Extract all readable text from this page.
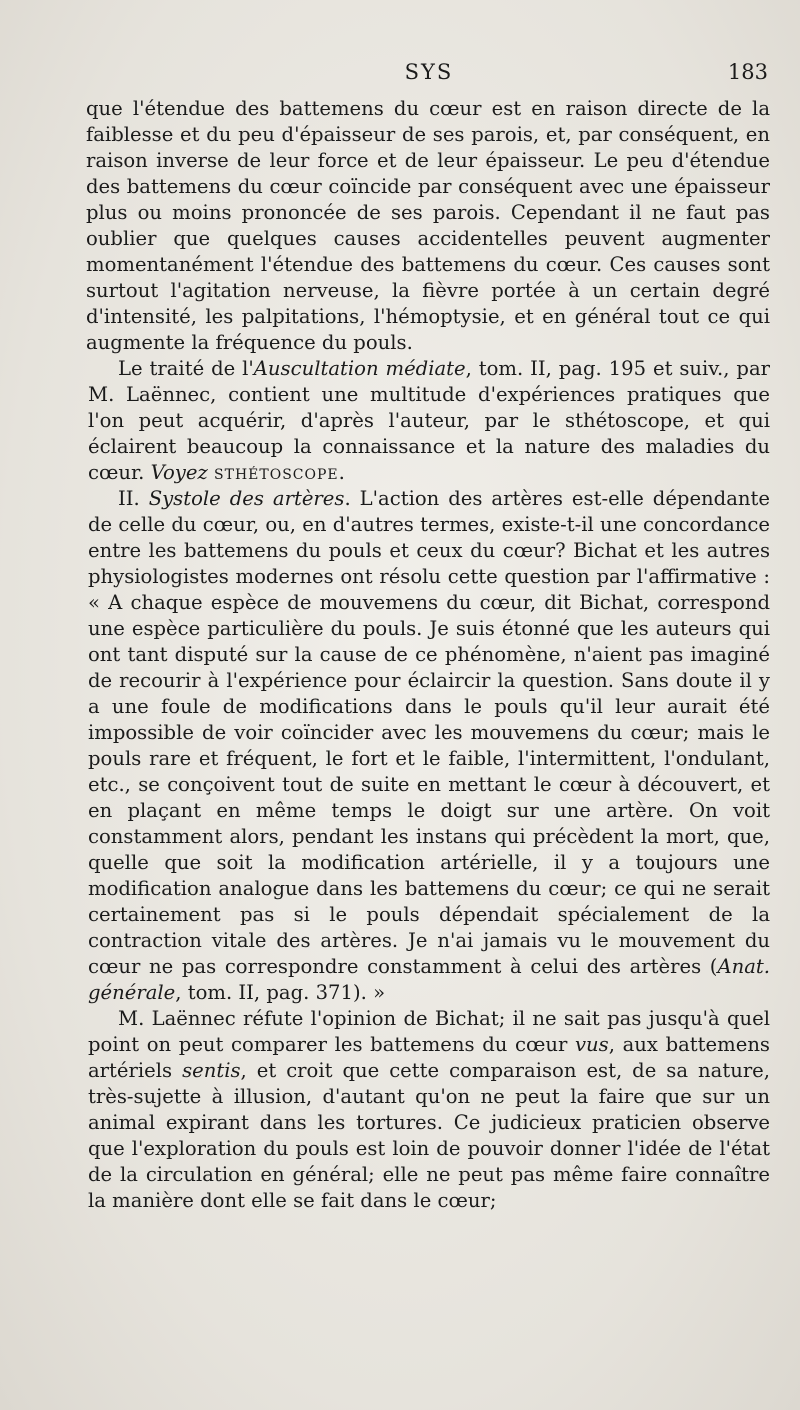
SYS	183

que l'étendue des battemens du cœur est en raison directe de la faiblesse et du peu d'épaisseur de ses parois, et, par conséquent, en raison inverse de leur force et de leur épaisseur. Le peu d'étendue des battemens du cœur coïncide par conséquent avec une épaisseur plus ou moins prononcée de ses parois. Cependant il ne faut pas oublier que quelques causes accidentelles peuvent augmenter momentanément l'étendue des battemens du cœur. Ces causes sont surtout l'agitation nerveuse, la fièvre portée à un certain degré d'intensité, les palpitations, l'hémoptysie, et en général tout ce qui augmente la fréquence du pouls.

Le traité de l'Auscultation médiate, tom. II, pag. 195 et suiv., par M. Laënnec, contient une multitude d'expériences pratiques que l'on peut acquérir, d'après l'auteur, par le sthétoscope, et qui éclairent beaucoup la connaissance et la nature des maladies du cœur. Voyez sthétoscope.

II. Systole des artères. L'action des artères est-elle dépendante de celle du cœur, ou, en d'autres termes, existe-t-il une concordance entre les battemens du pouls et ceux du cœur? Bichat et les autres physiologistes modernes ont résolu cette question par l'affirmative : « A chaque espèce de mouvemens du cœur, dit Bichat, correspond une espèce particulière du pouls. Je suis étonné que les auteurs qui ont tant disputé sur la cause de ce phénomène, n'aient pas imaginé de recourir à l'expérience pour éclaircir la question. Sans doute il y a une foule de modifications dans le pouls qu'il leur aurait été impossible de voir coïncider avec les mouvemens du cœur; mais le pouls rare et fréquent, le fort et le faible, l'intermittent, l'ondulant, etc., se conçoivent tout de suite en mettant le cœur à découvert, et en plaçant en même temps le doigt sur une artère. On voit constamment alors, pendant les instans qui précèdent la mort, que, quelle que soit la modification artérielle, il y a toujours une modification analogue dans les battemens du cœur; ce qui ne serait certainement pas si le pouls dépendait spécialement de la contraction vitale des artères. Je n'ai jamais vu le mouvement du cœur ne pas correspondre constamment à celui des artères (Anat. générale, tom. II, pag. 371). »

M. Laënnec réfute l'opinion de Bichat; il ne sait pas jusqu'à quel point on peut comparer les battemens du cœur vus, aux battemens artériels sentis, et croit que cette comparaison est, de sa nature, très-sujette à illusion, d'autant qu'on ne peut la faire que sur un animal expirant dans les tortures. Ce judicieux praticien observe que l'exploration du pouls est loin de pouvoir donner l'idée de l'état de la circulation en général; elle ne peut pas même faire connaître la manière dont elle se fait dans le cœur;
